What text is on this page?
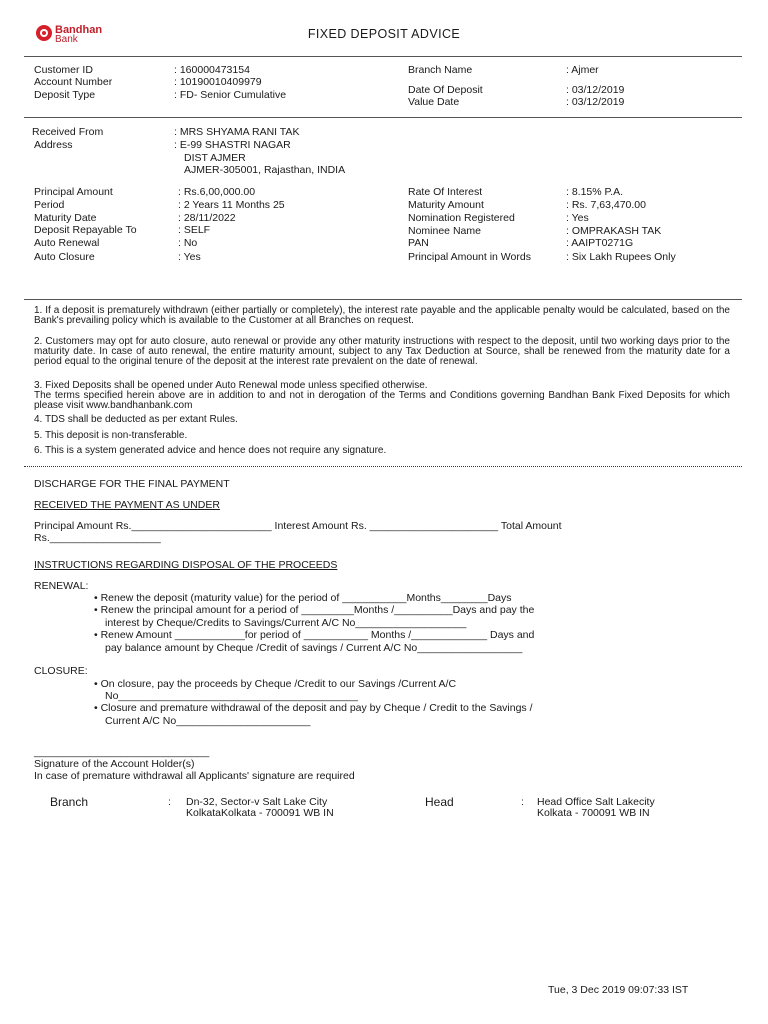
Bandhan
Bank	FIXED DEPOSIT ADVICE
Customer ID	: 160000473154
Account Number	: 10190010409979
Deposit Type	: FD- Senior Cumulative
Branch Name	: Ajmer
Date Of Deposit	: 03/12/2019
Value Date	: 03/12/2019
Received From	: MRS SHYAMA RANI TAK
Address	: E-99 SHASTRI NAGAR
DIST AJMER
AJMER-305001, Rajasthan, INDIA
Principal Amount	: Rs.6,00,000.00
Period	: 2 Years 11 Months 25
Maturity Date	: 28/11/2022
Deposit Repayable To	: SELF
Auto Renewal	: No
Auto Closure	: Yes
Rate Of Interest	: 8.15% P.A.
Maturity Amount	: Rs. 7,63,470.00
Nomination Registered	: Yes
Nominee Name	: OMPRAKASH TAK
PAN	: AAIPT0271G
Principal Amount in Words	: Six Lakh Rupees Only
1. If a deposit is prematurely withdrawn (either partially or completely), the interest rate payable and the applicable penalty would be calculated, based on the Bank's prevailing policy which is available to the Customer at all Branches on request.
2. Customers may opt for auto closure, auto renewal or provide any other maturity instructions with respect to the deposit, until two working days prior to the maturity date. In case of auto renewal, the entire maturity amount, subject to any Tax Deduction at Source, shall be renewed from the maturity date for a period equal to the original tenure of the deposit at the interest rate prevalent on the date of renewal.
3. Fixed Deposits shall be opened under Auto Renewal mode unless specified otherwise.
The terms specified herein above are in addition to and not in derogation of the Terms and Conditions governing Bandhan Bank Fixed Deposits for which please visit www.bandhanbank.com
4. TDS shall be deducted as per extant Rules.
5. This deposit is non-transferable.
6. This is a system generated advice and hence does not require any signature.
DISCHARGE FOR THE FINAL PAYMENT
RECEIVED THE PAYMENT AS UNDER
Principal Amount Rs.________________________ Interest Amount Rs. ______________________ Total Amount
Rs.___________________
INSTRUCTIONS REGARDING DISPOSAL OF THE PROCEEDS
RENEWAL:
• Renew the deposit (maturity value) for the period of ___________Months________Days
• Renew the principal amount for a period of _________Months /__________Days and pay the
interest by Cheque/Credits to Savings/Current A/C No___________________
• Renew Amount ____________for period of ___________ Months /_____________ Days and
pay balance amount by Cheque /Credit of savings / Current A/C No__________________
CLOSURE:
• On closure, pay the proceeds by Cheque /Credit to our Savings /Current A/C
No_________________________________________
• Closure and premature withdrawal of the deposit and pay by Cheque / Credit to the Savings /
Current A/C No_______________________
______________________________
Signature of the Account Holder(s)
In case of premature withdrawal all Applicants' signature are required
Branch	: Dn-32, Sector-v Salt Lake City
KolkataKolkata - 700091 WB IN
Head	: Head Office Salt Lakecity
Kolkata - 700091 WB IN
Tue, 3 Dec 2019 09:07:33 IST
